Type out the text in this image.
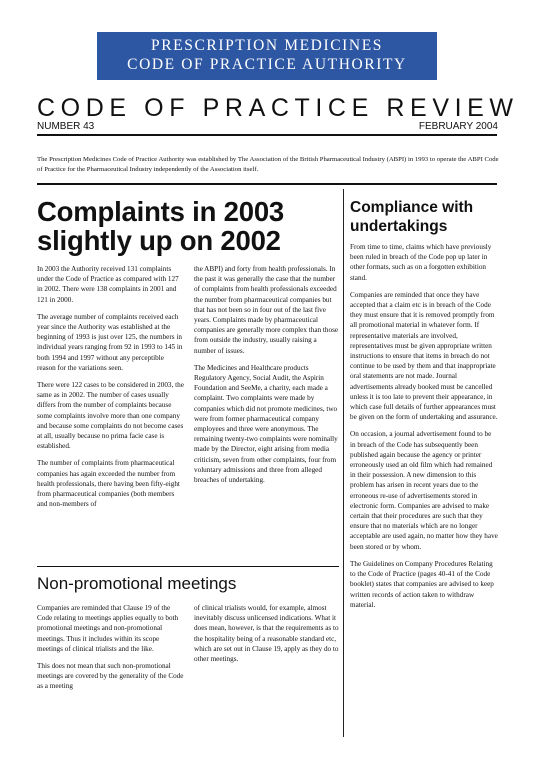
PRESCRIPTION MEDICINES
CODE OF PRACTICE AUTHORITY
CODE OF PRACTICE REVIEW
NUMBER 43	FEBRUARY 2004
The Prescription Medicines Code of Practice Authority was established by The Association of the British Pharmaceutical Industry (ABPI) in 1993 to operate the ABPI Code of Practice for the Pharmaceutical Industry independently of the Association itself.
Complaints in 2003 slightly up on 2002

In 2003 the Authority received 131 complaints under the Code of Practice as compared with 127 in 2002. There were 138 complaints in 2001 and 121 in 2000.

The average number of complaints received each year since the Authority was established at the beginning of 1993 is just over 125, the numbers in individual years ranging from 92 in 1993 to 145 in both 1994 and 1997 without any perceptible reason for the variations seen.

There were 122 cases to be considered in 2003, the same as in 2002. The number of cases usually differs from the number of complaints because some complaints involve more than one company and because some complaints do not become cases at all, usually because no prima facie case is established.

The number of complaints from pharmaceutical companies has again exceeded the number from health professionals, there having been fifty-eight from pharmaceutical companies (both members and non-members of

the ABPI) and forty from health professionals. In the past it was generally the case that the number of complaints from health professionals exceeded the number from pharmaceutical companies but that has not been so in four out of the last five years. Complaints made by pharmaceutical companies are generally more complex than those from outside the industry, usually raising a number of issues.

The Medicines and Healthcare products Regulatory Agency, Social Audit, the Aspirin Foundation and SeeMe, a charity, each made a complaint. Two complaints were made by companies which did not promote medicines, two were from former pharmaceutical company employees and three were anonymous. The remaining twenty-two complaints were nominally made by the Director, eight arising from media criticism, seven from other complaints, four from voluntary admissions and three from alleged breaches of undertaking.

Non-promotional meetings

Companies are reminded that Clause 19 of the Code relating to meetings applies equally to both promotional meetings and non-promotional meetings. Thus it includes within its scope meetings of clinical trialists and the like.

This does not mean that such non-promotional meetings are covered by the generality of the Code as a meeting

of clinical trialists would, for example, almost inevitably discuss unlicensed indications. What it does mean, however, is that the requirements as to the hospitality being of a reasonable standard etc, which are set out in Clause 19, apply as they do to other meetings.

Compliance with undertakings

From time to time, claims which have previously been ruled in breach of the Code pop up later in other formats, such as on a forgotten exhibition stand.

Companies are reminded that once they have accepted that a claim etc is in breach of the Code they must ensure that it is removed promptly from all promotional material in whatever form. If representative materials are involved, representatives must be given appropriate written instructions to ensure that items in breach do not continue to be used by them and that inappropriate oral statements are not made. Journal advertisements already booked must be cancelled unless it is too late to prevent their appearance, in which case full details of further appearances must be given on the form of undertaking and assurance.

On occasion, a journal advertisement found to be in breach of the Code has subsequently been published again because the agency or printer erroneously used an old film which had remained in their possession. A new dimension to this problem has arisen in recent years due to the erroneous re-use of advertisements stored in electronic form. Companies are advised to make certain that their procedures are such that they ensure that no materials which are no longer acceptable are used again, no matter how they have been stored or by whom.

The Guidelines on Company Procedures Relating to the Code of Practice (pages 40-41 of the Code booklet) states that companies are advised to keep written records of action taken to withdraw material.
